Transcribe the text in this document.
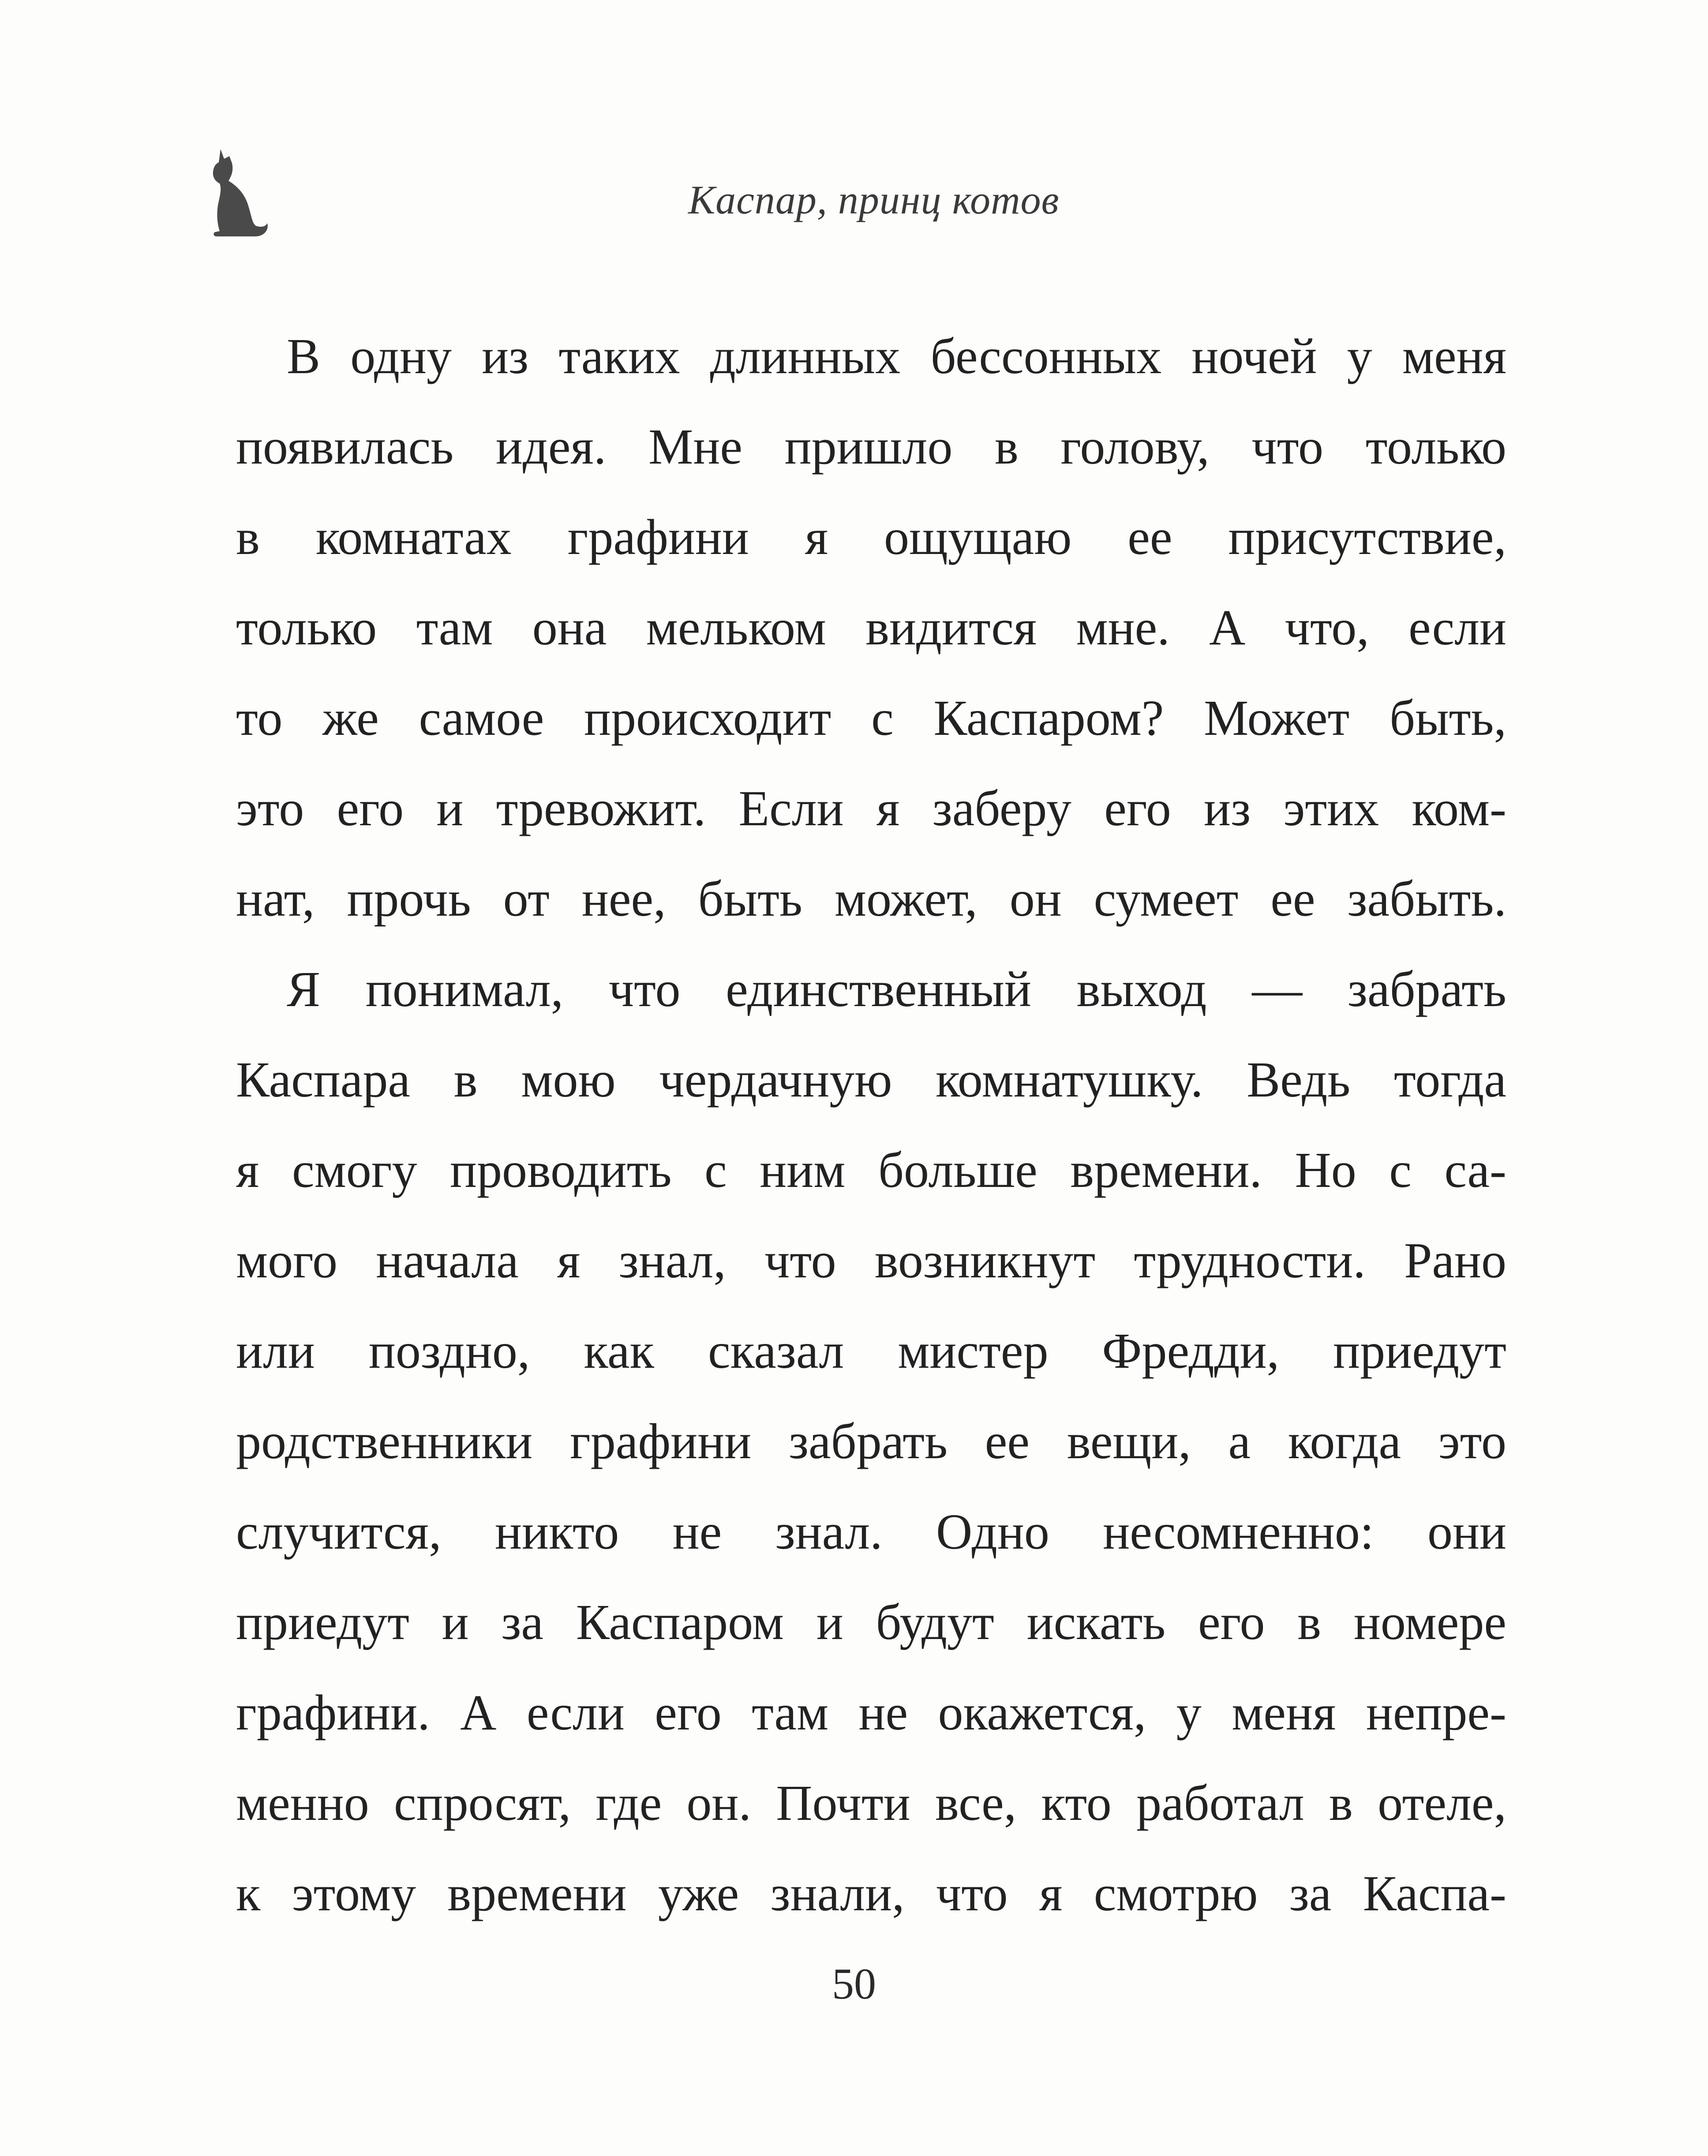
Каспар, принц котов
В одну из таких длинных бессонных ночей у меня
появилась идея. Мне пришло в голову, что только
в комнатах графини я ощущаю ее присутствие,
только там она мельком видится мне. А что, если
то же самое происходит с Каспаром? Может быть,
это его и тревожит. Если я заберу его из этих ком-
нат, прочь от нее, быть может, он сумеет ее забыть.
Я понимал, что единственный выход — забрать
Каспара в мою чердачную комнатушку. Ведь тогда
я смогу проводить с ним больше времени. Но с са-
мого начала я знал, что возникнут трудности. Рано
или поздно, как сказал мистер Фредди, приедут
родственники графини забрать ее вещи, а когда это
случится, никто не знал. Одно несомненно: они
приедут и за Каспаром и будут искать его в номере
графини. А если его там не окажется, у меня непре-
менно спросят, где он. Почти все, кто работал в отеле,
к этому времени уже знали, что я смотрю за Каспа-
50
